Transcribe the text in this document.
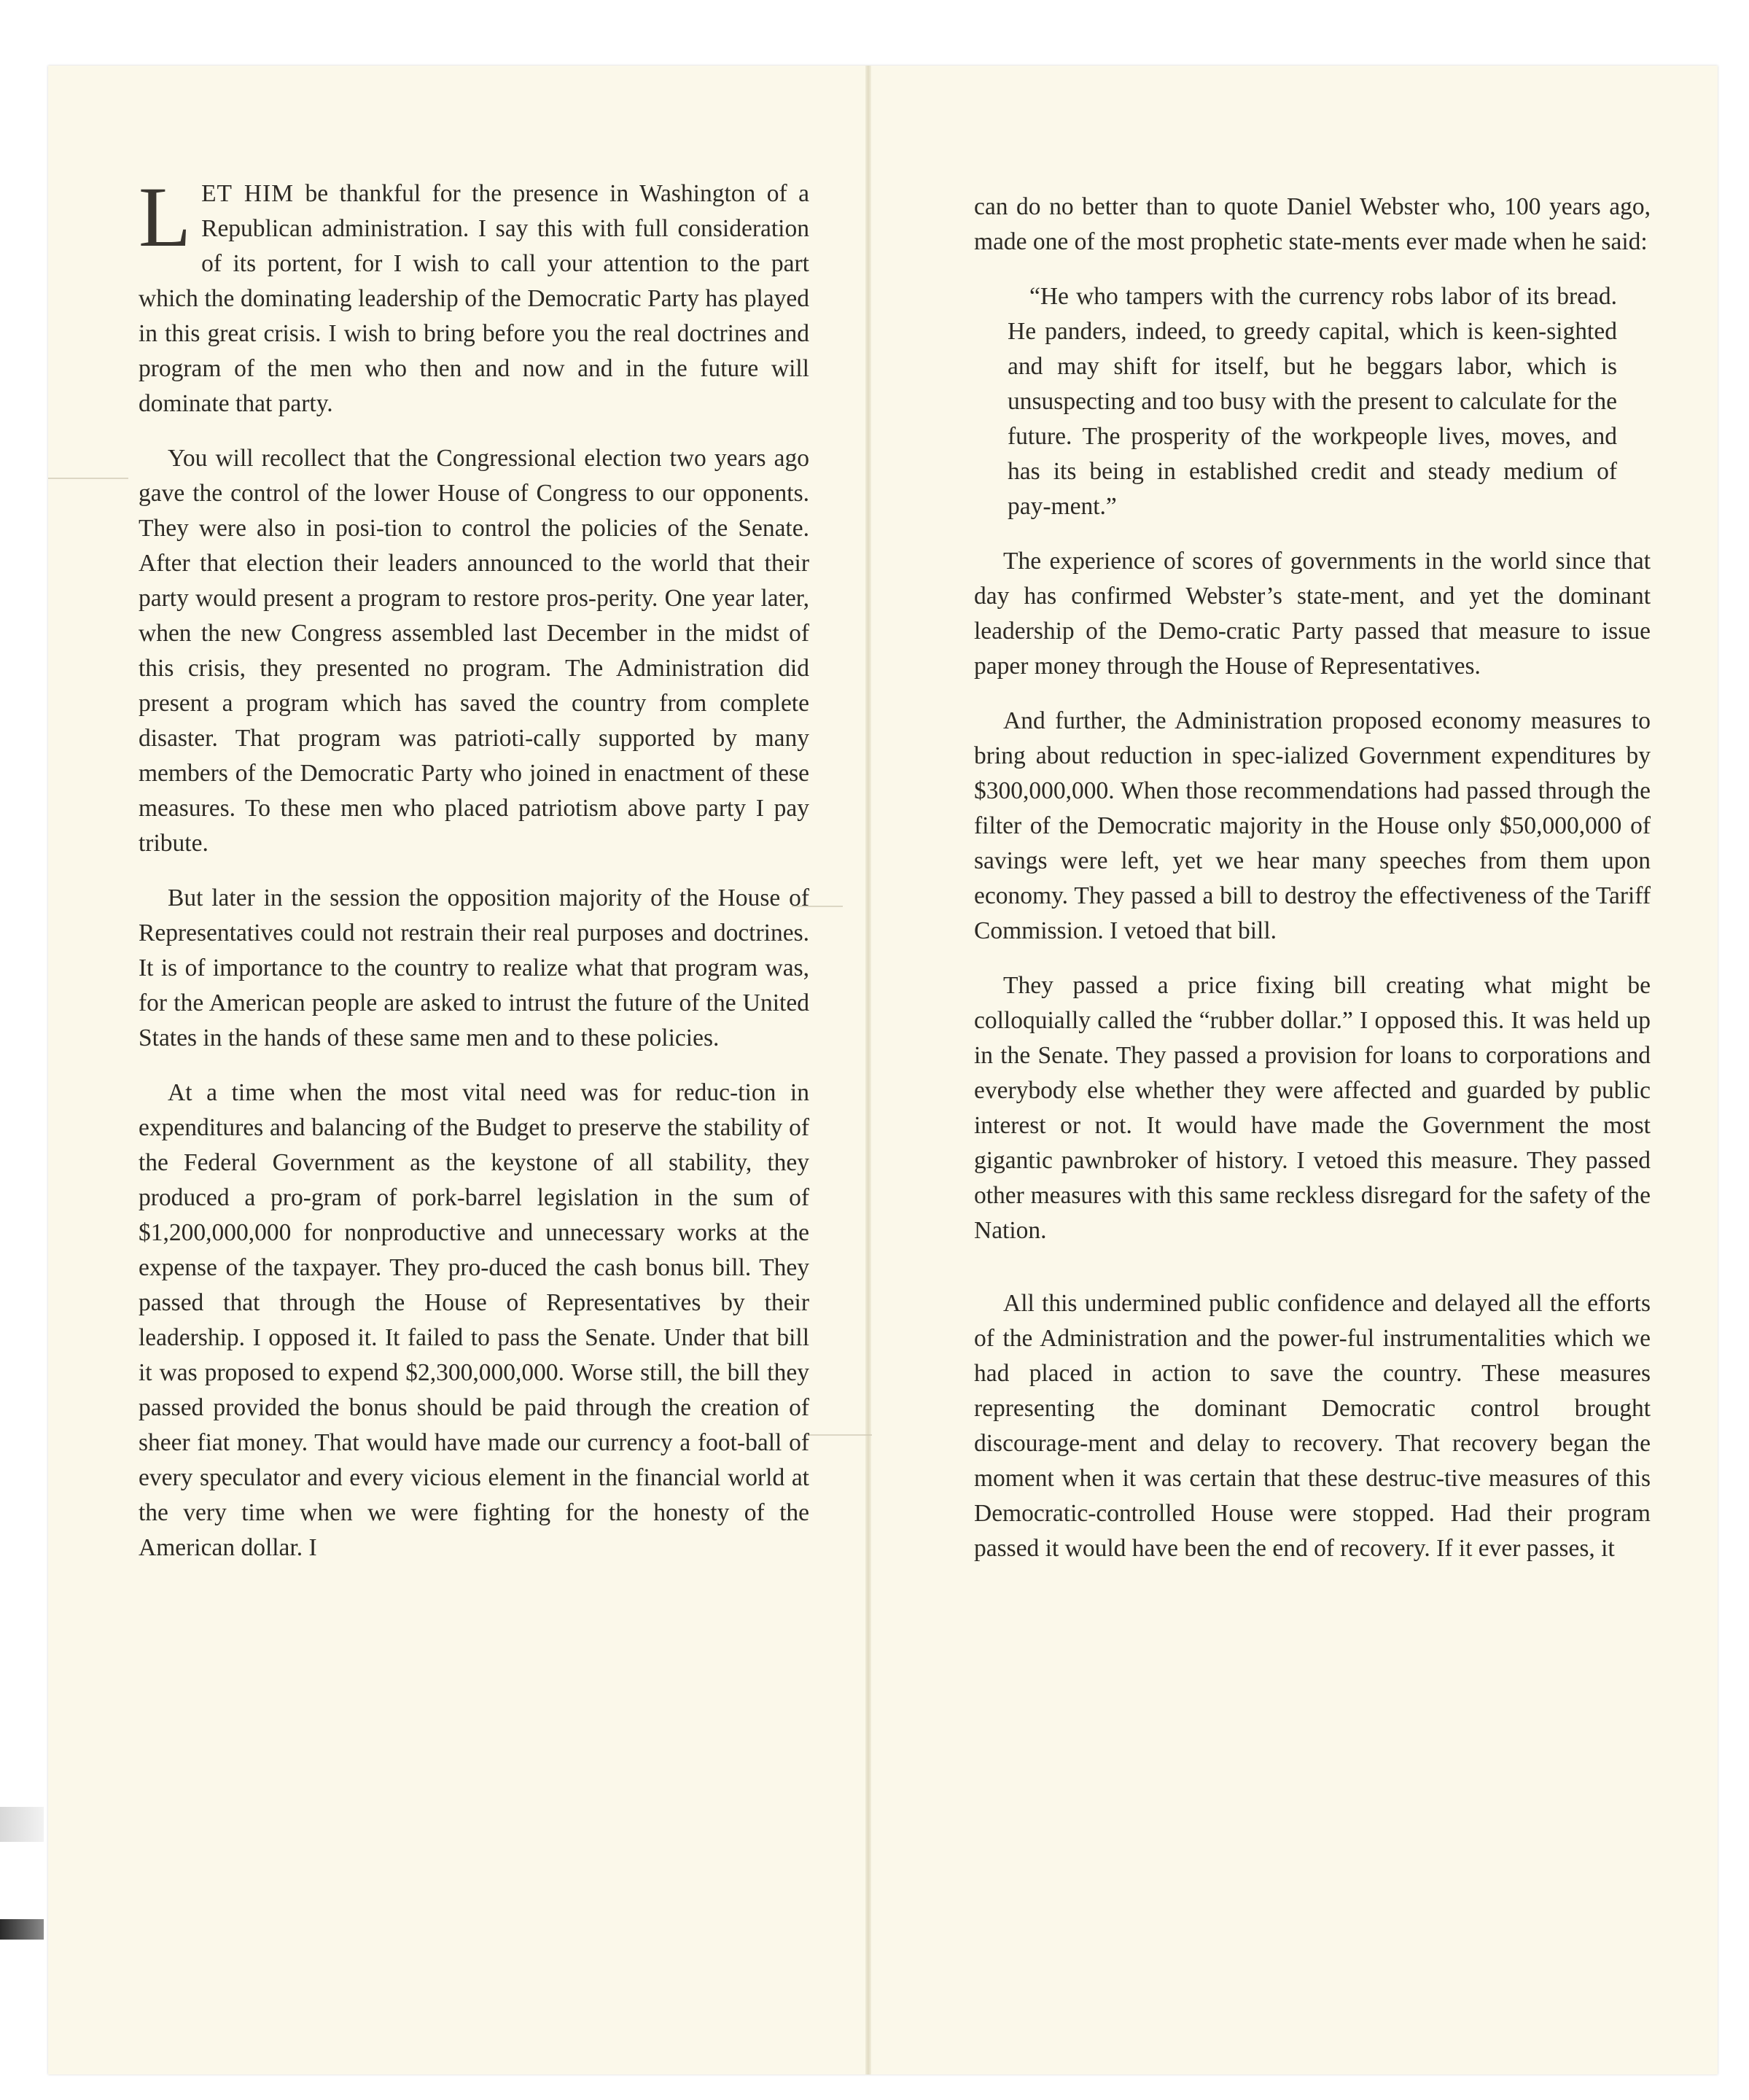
LET HIM be thankful for the presence in Washington of a Republican administration. I say this with full consideration of its portent, for I wish to call your attention to the part which the dominating leadership of the Democratic Party has played in this great crisis. I wish to bring before you the real doctrines and program of the men who then and now and in the future will dominate that party.

You will recollect that the Congressional election two years ago gave the control of the lower House of Congress to our opponents. They were also in posi‑tion to control the policies of the Senate. After that election their leaders announced to the world that their party would present a program to restore pros‑perity. One year later, when the new Congress assembled last December in the midst of this crisis, they presented no program. The Administration did present a program which has saved the country from complete disaster. That program was patrioti‑cally supported by many members of the Democratic Party who joined in enactment of these measures. To these men who placed patriotism above party I pay tribute.

But later in the session the opposition majority of the House of Representatives could not restrain their real purposes and doctrines. It is of importance to the country to realize what that program was, for the American people are asked to intrust the future of the United States in the hands of these same men and to these policies.

At a time when the most vital need was for reduc‑tion in expenditures and balancing of the Budget to preserve the stability of the Federal Government as the keystone of all stability, they produced a pro‑gram of pork‑barrel legislation in the sum of $1,200,000,000 for nonproductive and unnecessary works at the expense of the taxpayer. They pro‑duced the cash bonus bill. They passed that through the House of Representatives by their leadership. I opposed it. It failed to pass the Senate. Under that bill it was proposed to expend $2,300,000,000. Worse still, the bill they passed provided the bonus should be paid through the creation of sheer fiat money. That would have made our currency a foot‑ball of every speculator and every vicious element in the financial world at the very time when we were fighting for the honesty of the American dollar. I

can do no better than to quote Daniel Webster who, 100 years ago, made one of the most prophetic state‑ments ever made when he said:

“He who tampers with the currency robs labor of its bread. He panders, indeed, to greedy capital, which is keen‑sighted and may shift for itself, but he beggars labor, which is unsuspecting and too busy with the present to calculate for the future. The prosperity of the workpeople lives, moves, and has its being in established credit and steady medium of pay‑ment.”

The experience of scores of governments in the world since that day has confirmed Webster’s state‑ment, and yet the dominant leadership of the Demo‑cratic Party passed that measure to issue paper money through the House of Representatives.

And further, the Administration proposed economy measures to bring about reduction in spec‑ialized Government expenditures by $300,000,000. When those recommendations had passed through the filter of the Democratic majority in the House only $50,000,000 of savings were left, yet we hear many speeches from them upon economy. They passed a bill to destroy the effectiveness of the Tariff Commission. I vetoed that bill.

They passed a price fixing bill creating what might be colloquially called the “rubber dollar.” I opposed this. It was held up in the Senate. They passed a provision for loans to corporations and everybody else whether they were affected and guarded by public interest or not. It would have made the Government the most gigantic pawnbroker of history. I vetoed this measure. They passed other measures with this same reckless disregard for the safety of the Nation.

All this undermined public confidence and delayed all the efforts of the Administration and the power‑ful instrumentalities which we had placed in action to save the country. These measures representing the dominant Democratic control brought discourage‑ment and delay to recovery. That recovery began the moment when it was certain that these destruc‑tive measures of this Democratic‑controlled House were stopped. Had their program passed it would have been the end of recovery. If it ever passes, it
